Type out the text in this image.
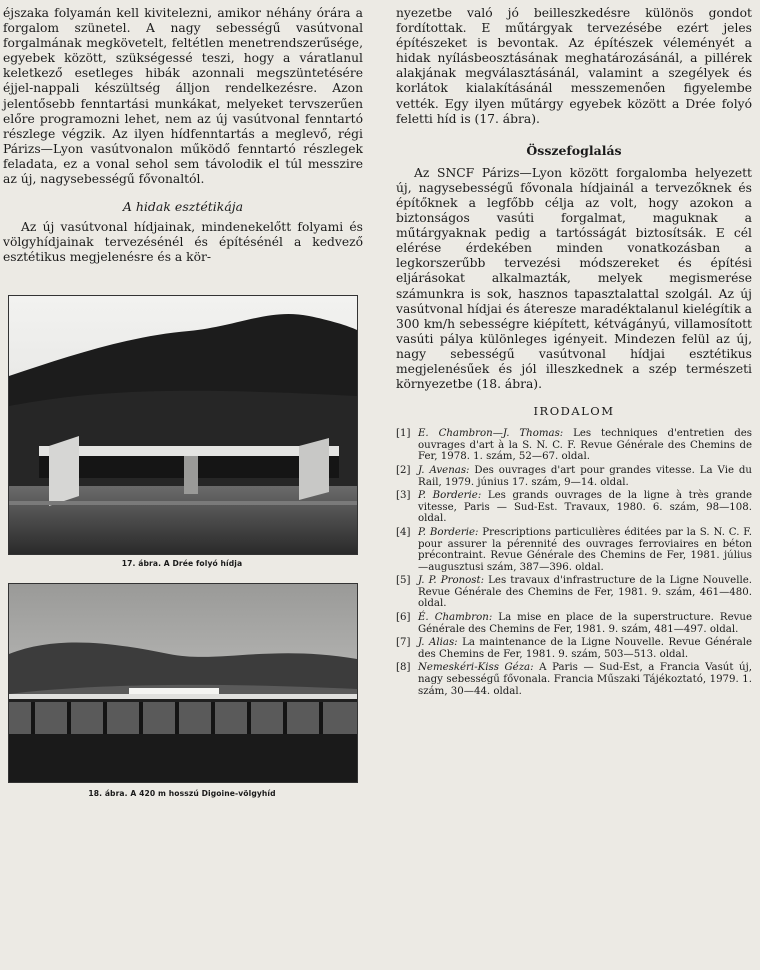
éjszaka folyamán kell kivitelezni, amikor néhány órára a forgalom szünetel. A nagy sebességű vasútvonal forgalmának megkövetelt, feltétlen menetrendszerűsége, egyebek között, szükségessé teszi, hogy a váratlanul keletkező esetleges hibák azonnali megszüntetésére éjjel-nappali készültség álljon rendelkezésre. Azon jelentősebb fenntartási munkákat, melyeket tervszerűen előre programozni lehet, nem az új vasútvonal fenntartó részlege végzik. Az ilyen hídfenntartás a meglevő, régi Párizs—Lyon vasútvonalon működő fenntartó részlegek feladata, ez a vonal sehol sem távolodik el túl messzire az új, nagysebességű fővonaltól.

A hidak esztétikája

Az új vasútvonal hídjainak, mindenekelőtt folyami és völgyhídjainak tervezésénél és építésénél a kedvező esztétikus megjelenésre és a kör-

17. ábra. A Drée folyó hídja
18. ábra. A 420 m hosszú Digoine-völgyhíd

nyezetbe való jó beilleszkedésre különös gondot fordítottak. E műtárgyak tervezésébe ezért jeles építészeket is bevontak. Az építészek véleményét a hidak nyílásbeosztásának meghatározásánál, a pillérek alakjának megválasztásánál, valamint a szegélyek és korlátok kialakításánál messzemenően figyelembe vették. Egy ilyen műtárgy egyebek között a Drée folyó feletti híd is (17. ábra).

Összefoglalás

Az SNCF Párizs—Lyon között forgalomba helyezett új, nagysebességű fővonala hídjainál a tervezőknek és építőknek a legfőbb célja az volt, hogy azokon a biztonságos vasúti forgalmat, maguknak a műtárgyaknak pedig a tartósságát biztosítsák. E cél elérése érdekében minden vonatkozásban a legkorszerűbb tervezési módszereket és építési eljárásokat alkalmazták, melyek megismerése számunkra is sok, hasznos tapasztalattal szolgál. Az új vasútvonal hídjai és áteresze maradéktalanul kielégítik a 300 km/h sebességre kiépített, kétvágányú, villamosított vasúti pálya különleges igényeit. Mindezen felül az új, nagy sebességű vasútvonal hídjai esztétikus megjelenésűek és jól illeszkednek a szép természeti környezetbe (18. ábra).

IRODALOM
[1] E. Chambron—J. Thomas: Les techniques d'entretien des ouvrages d'art à la S. N. C. F. Revue Générale des Chemins de Fer, 1978. 1. szám, 52—67. oldal.
[2] J. Avenas: Des ouvrages d'art pour grandes vitesse. La Vie du Rail, 1979. június 17. szám, 9—14. oldal.
[3] P. Borderie: Les grands ouvrages de la ligne à très grande vitesse, Paris — Sud-Est. Travaux, 1980. 6. szám, 98—108. oldal.
[4] P. Borderie: Prescriptions particulières éditées par la S. N. C. F. pour assurer la pérennité des ouvrages ferroviaires en béton précontraint. Revue Générale des Chemins de Fer, 1981. július—augusztusi szám, 387—396. oldal.
[5] J. P. Pronost: Les travaux d'infrastructure de la Ligne Nouvelle. Revue Générale des Chemins de Fer, 1981. 9. szám, 461—480. oldal.
[6] É. Chambron: La mise en place de la superstructure. Revue Générale des Chemins de Fer, 1981. 9. szám, 481—497. oldal.
[7] J. Alias: La maintenance de la Ligne Nouvelle. Revue Générale des Chemins de Fer, 1981. 9. szám, 503—513. oldal.
[8] Nemeskéri-Kiss Géza: A Paris — Sud-Est, a Francia Vasút új, nagy sebességű fővonala. Francia Műszaki Tájékoztató, 1979. 1. szám, 30—44. oldal.
